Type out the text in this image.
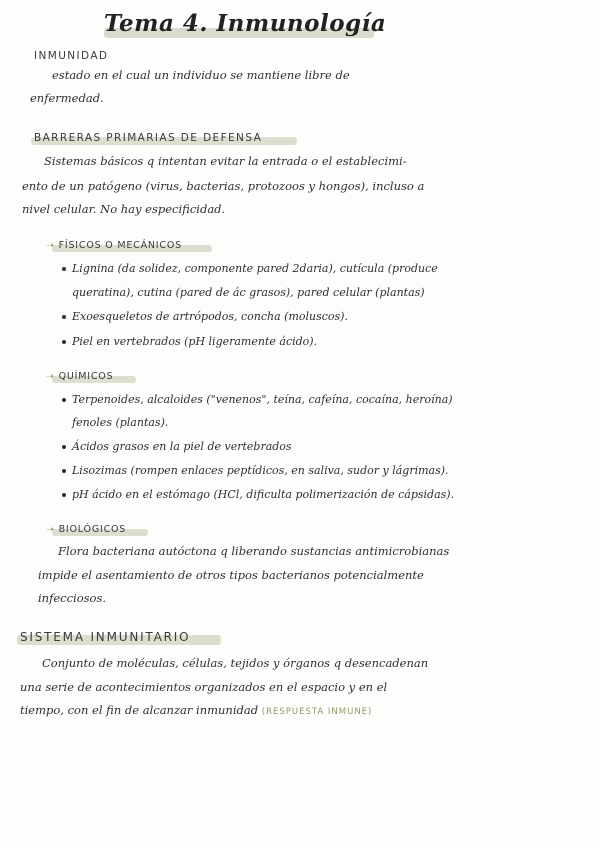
Tema 4. Inmunología
INMUNIDAD
estado en el cual un individuo se mantiene libre de
enfermedad.
BARRERAS PRIMARIAS DE DEFENSA
Sistemas básicos q intentan evitar la entrada o el establecimi-
ento de un patógeno (virus, bacterias, protozoos y hongos), incluso a
nivel celular. No hay especificidad.
➝ FÍSICOS O MECÁNICOS
Lignina (da solidez, componente pared 2daria), cutícula (produce
queratina), cutina (pared de ác grasos), pared celular (plantas)
Exoesqueletos de artrópodos, concha (moluscos).
Piel en vertebrados (pH ligeramente ácido).
➝ QUÍMICOS
Terpenoides, alcaloides ("venenos", teína, cafeína, cocaína, heroína)
fenoles (plantas).
Ácidos grasos en la piel de vertebrados
Lisozimas (rompen enlaces peptídicos, en saliva, sudor y lágrimas).
pH ácido en el estómago (HCl, dificulta polimerización de cápsidas).
➝ BIOLÓGICOS
Flora bacteriana autóctona q liberando sustancias antimicrobianas
impide el asentamiento de otros tipos bacterianos potencialmente
infecciosos.
SISTEMA INMUNITARIO
Conjunto de moléculas, células, tejidos y órganos q desencadenan
una serie de acontecimientos organizados en el espacio y en el
tiempo, con el fin de alcanzar inmunidad (RESPUESTA INMUNE)
